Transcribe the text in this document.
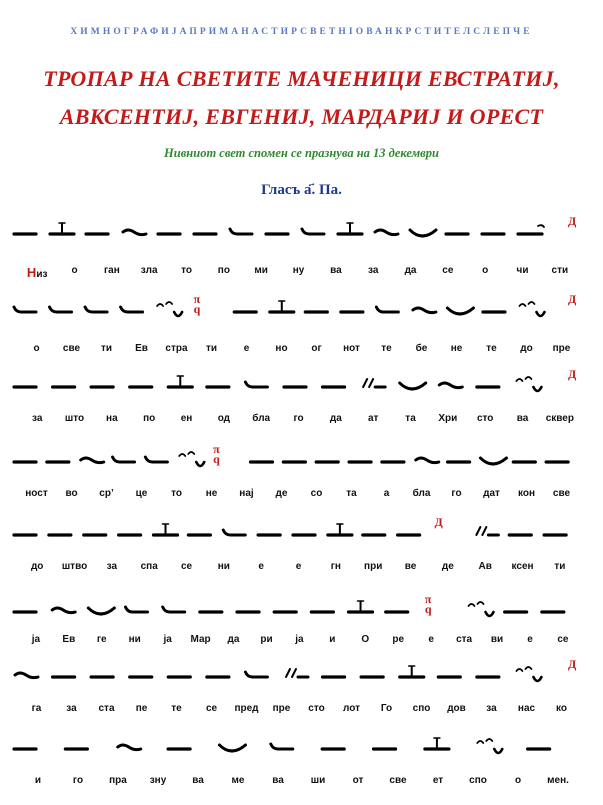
ХИМНОГРАФИЈАПРИМАНАСТИРСВЕТНІОВАНКРСТИТЕЛСЛЕПЧЕ
ТРОПАР НА СВЕТИТЕ МАЧЕНИЦИ ЕВСТРАТИЈ,
АВКСЕНТИЈ, ЕВГЕНИЈ, МАРДАРИЈ И ОРЕСТ
Нивниот свет спомен се празнува на 13 декември
Гласъ а҃. Па.
Д
Низ о	ган зла то	по ми ну	ва	за	да	се	о	чи сти
π
q
Д
о све ти Ев стра ти	е	но ог нот те бе не те до пре
Д
за што на	по	ен	од бла го	да	ат	та Хри сто ва сквер
π
q
ност во ср’ це то не нај де со та	а бла го дат кон све
Д
до штво за спа се	ни	е	е	гн при ве	де Ав ксен ти
π
q
ја Ев ге ни ја Мар да ри ја	и	О ре е ста ви е се
Д
га за ста пе те се пред пре сто лот Го спо дов за нас ко
и	го	пра зну	ва	ме	ва	ши	от	све	ет	спо	о	мен.
